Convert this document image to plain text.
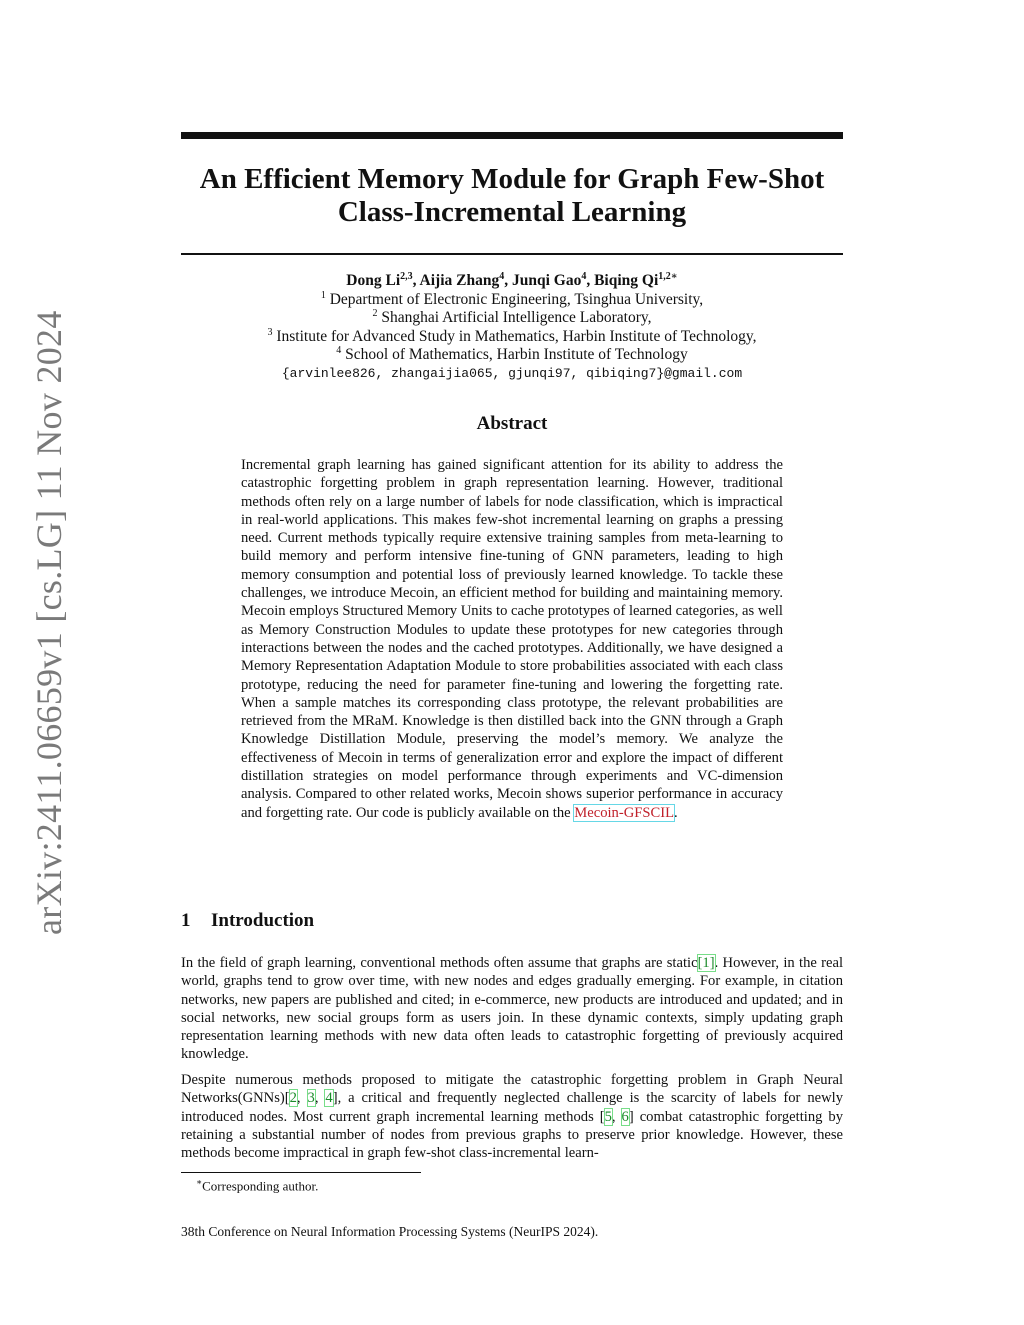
arXiv:2411.06659v1 [cs.LG] 11 Nov 2024
An Efficient Memory Module for Graph Few-Shot
Class-Incremental Learning
Dong Li$^{2,3}$, Aijia Zhang$^4$, Junqi Gao$^4$, Biqing $Qi^{1,2∗}$
$^1$ Department of Electronic Engineering, Tsinghua University,
$^2$ Shanghai Artificial Intelligence Laboratory,
$^3$ Institute for Advanced Study in Mathematics, Harbin Institute of Technology,
$^4$ School of Mathematics, Harbin Institute of Technology
{arvinlee826, zhangaijia065, gjunqi97, qibiqing7}@gmail.com
Abstract
Incremental graph learning has gained significant attention for its ability to address the catastrophic forgetting problem in graph representation learning. However, traditional methods often rely on a large number of labels for node classification, which is impractical in real-world applications. This makes few-shot incremental learning on graphs a pressing need. Current methods typically require extensive training samples from meta-learning to build memory and perform intensive fine-tuning of GNN parameters, leading to high memory consumption and potential loss of previously learned knowledge. To tackle these challenges, we introduce Mecoin, an efficient method for building and maintaining memory. Mecoin employs Structured Memory Units to cache prototypes of learned categories, as well as Memory Construction Modules to update these prototypes for new categories through interactions between the nodes and the cached prototypes. Additionally, we have designed a Memory Representation Adaptation Module to store probabilities associated with each class prototype, reducing the need for parameter fine-tuning and lowering the forgetting rate. When a sample matches its corresponding class prototype, the relevant probabilities are retrieved from the MRaM. Knowledge is then distilled back into the GNN through a Graph Knowledge Distillation Module, preserving the model’s memory. We analyze the effectiveness of Mecoin in terms of generalization error and explore the impact of different distillation strategies on model performance through experiments and VC-dimension analysis. Compared to other related works, Mecoin shows superior performance in accuracy and forgetting rate. Our code is publicly available on the Mecoin-GFSCIL.
1 Introduction
In the field of graph learning, conventional methods often assume that graphs are static[1]. However, in the real world, graphs tend to grow over time, with new nodes and edges gradually emerging. For example, in citation networks, new papers are published and cited; in e-commerce, new products are introduced and updated; and in social networks, new social groups form as users join. In these dynamic contexts, simply updating graph representation learning methods with new data often leads to catastrophic forgetting of previously acquired knowledge.
Despite numerous methods proposed to mitigate the catastrophic forgetting problem in Graph Neural Networks(GNNs)[2, 3, 4], a critical and frequently neglected challenge is the scarcity of labels for newly introduced nodes. Most current graph incremental learning methods [5, 6] combat catastrophic forgetting by retaining a substantial number of nodes from previous graphs to preserve prior knowledge. However, these methods become impractical in graph few-shot class-incremental learn-
∗Corresponding author.
38th Conference on Neural Information Processing Systems (NeurIPS 2024).
